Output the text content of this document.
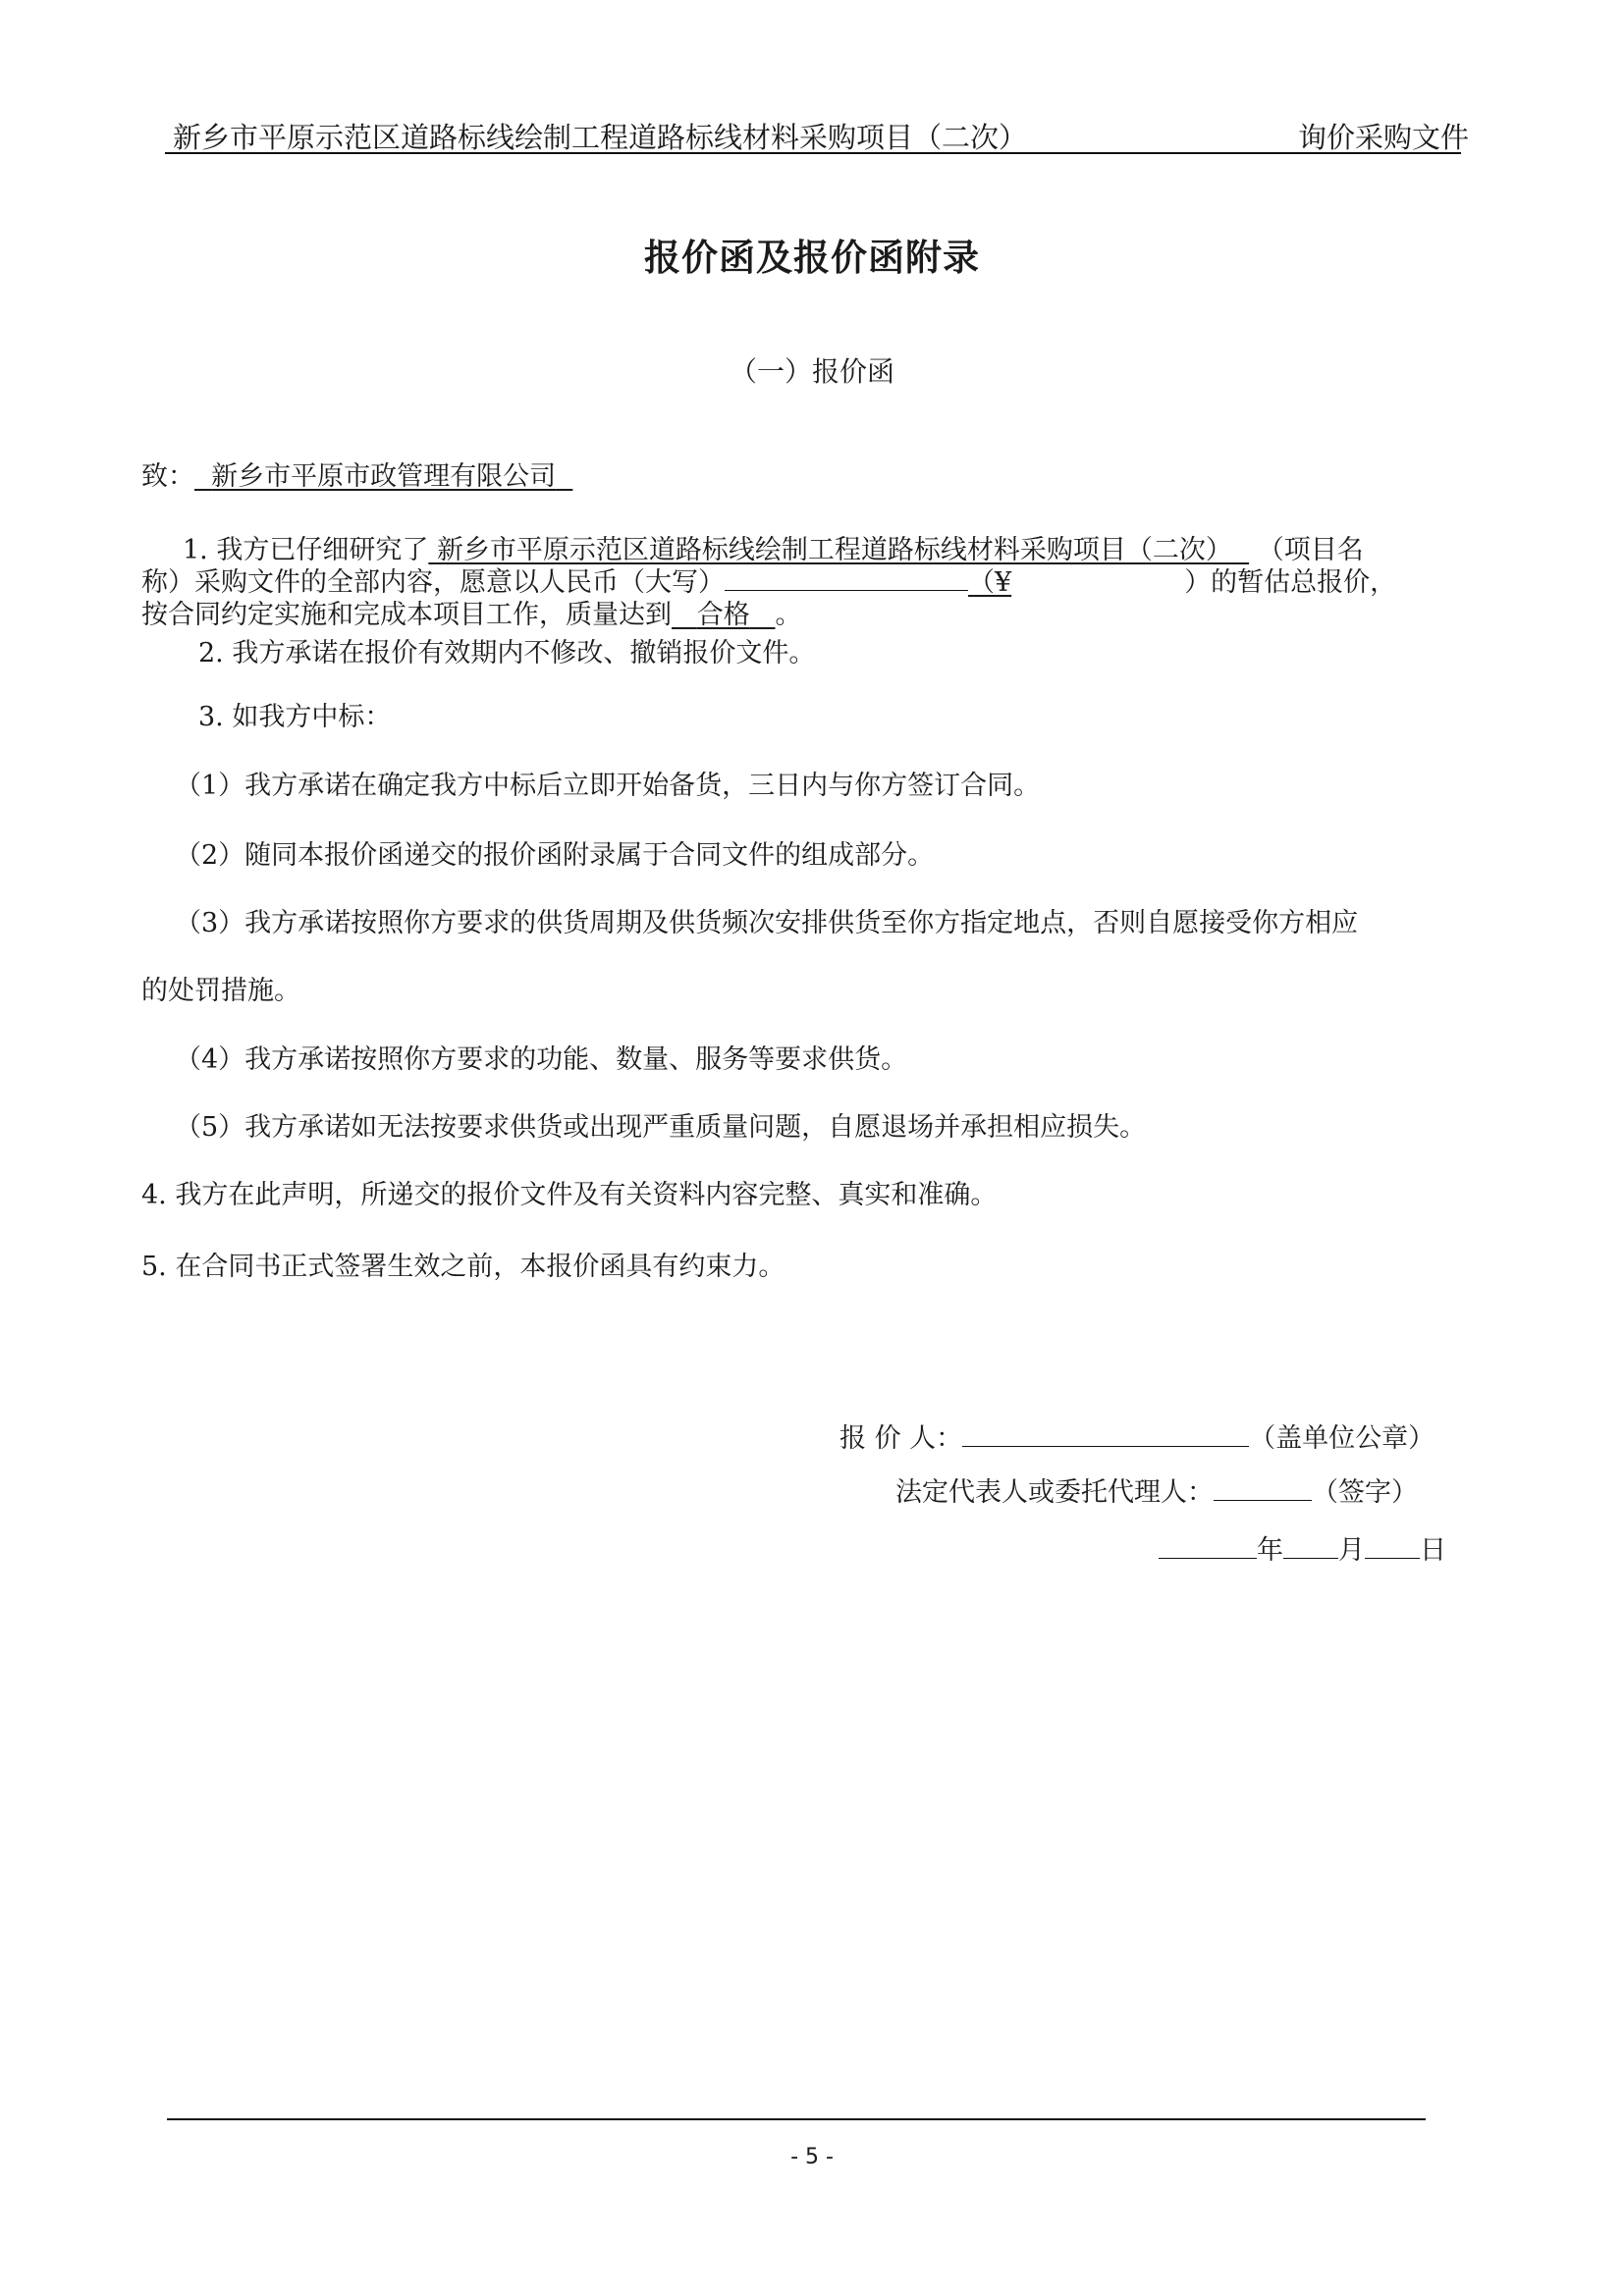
新乡市平原示范区道路标线绘制工程道路标线材料采购项目（二次）	询价采购文件
报价函及报价函附录
（一）报价函
致： 新乡市平原市政管理有限公司
1. 我方已仔细研究了 新乡市平原示范区道路标线绘制工程道路标线材料采购项目（二次） （项目名
称）采购文件的全部内容，愿意以人民币（大写）	（¥	）的暂估总报价，
按合同约定实施和完成本项目工作，质量达到 合格 。
2. 我方承诺在报价有效期内不修改、撤销报价文件。
3. 如我方中标：
（1）我方承诺在确定我方中标后立即开始备货，三日内与你方签订合同。
（2）随同本报价函递交的报价函附录属于合同文件的组成部分。
（3）我方承诺按照你方要求的供货周期及供货频次安排供货至你方指定地点，否则自愿接受你方相应
的处罚措施。
（4）我方承诺按照你方要求的功能、数量、服务等要求供货。
（5）我方承诺如无法按要求供货或出现严重质量问题，自愿退场并承担相应损失。
4. 我方在此声明，所递交的报价文件及有关资料内容完整、真实和准确。
5. 在合同书正式签署生效之前，本报价函具有约束力。
报 价 人：	（盖单位公章）
法定代表人或委托代理人：	（签字）
年 月 日
- 5 -
